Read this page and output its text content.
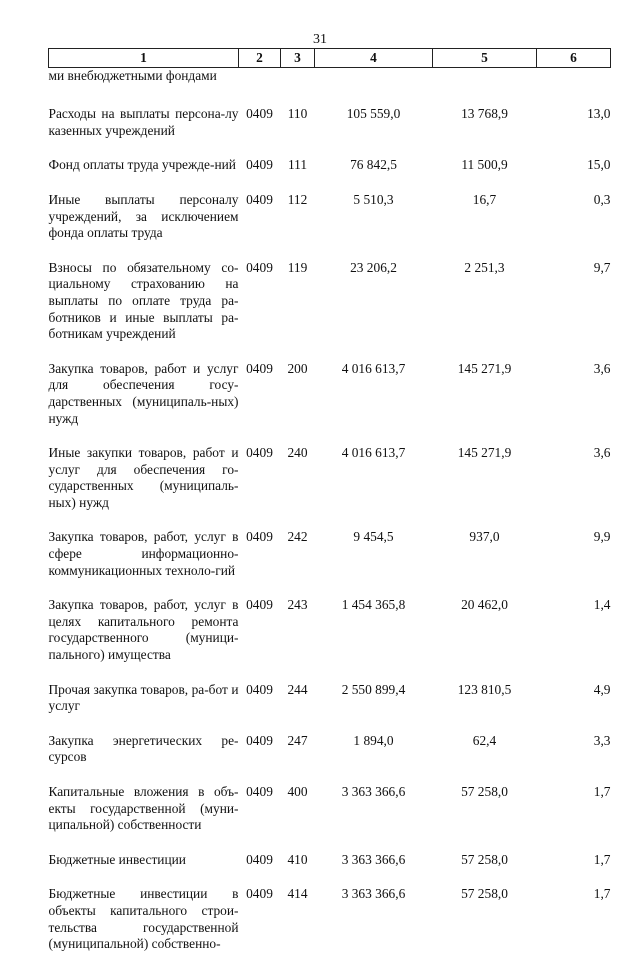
31
1	2	3	4	5	6
ми внебюджетными фондами					

Расходы на выплаты персона-лу казенных учреждений	0409	110	105 559,0	13 768,9	13,0

Фонд оплаты труда учрежде-ний	0409	111	76 842,5	11 500,9	15,0

Иные выплаты персоналу учреждений, за исключением фонда оплаты труда	0409	112	5 510,3	16,7	0,3

Взносы по обязательному со-циальному страхованию на выплаты по оплате труда ра-ботников и иные выплаты ра-ботникам учреждений	0409	119	23 206,2	2 251,3	9,7

Закупка товаров, работ и услуг для обеспечения госу-дарственных (муниципаль-ных) нужд	0409	200	4 016 613,7	145 271,9	3,6

Иные закупки товаров, работ и услуг для обеспечения го-сударственных (муниципаль-ных) нужд	0409	240	4 016 613,7	145 271,9	3,6

Закупка товаров, работ, услуг в сфере информационно-коммуникационных техноло-гий	0409	242	9 454,5	937,0	9,9

Закупка товаров, работ, услуг в целях капитального ремонта государственного (муници-пального) имущества	0409	243	1 454 365,8	20 462,0	1,4

Прочая закупка товаров, ра-бот и услуг	0409	244	2 550 899,4	123 810,5	4,9

Закупка энергетических ре-сурсов	0409	247	1 894,0	62,4	3,3

Капитальные вложения в объ-екты государственной (муни-ципальной) собственности	0409	400	3 363 366,6	57 258,0	1,7

Бюджетные инвестиции	0409	410	3 363 366,6	57 258,0	1,7

Бюджетные инвестиции в объекты капитального строи-тельства государственной (муниципальной) собственно-	0409	414	3 363 366,6	57 258,0	1,7
